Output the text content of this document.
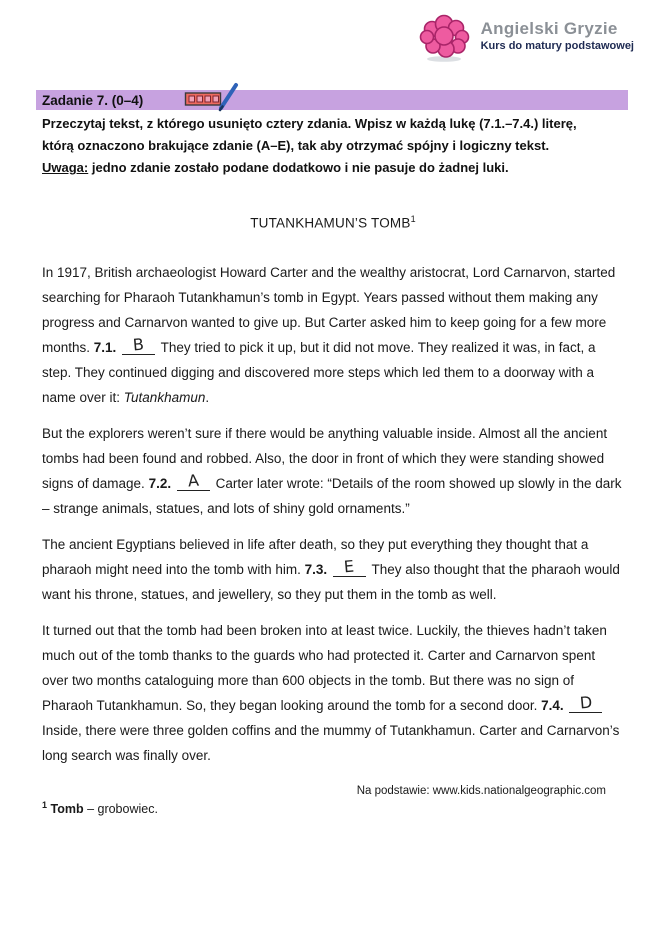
Angielski Gryzie
Kurs do matury podstawowej
Zadanie 7. (0–4)
Przeczytaj tekst, z którego usunięto cztery zdania. Wpisz w każdą lukę (7.1.–7.4.) literę,
którą oznaczono brakujące zdanie (A–E), tak aby otrzymać spójny i logiczny tekst.
Uwaga: jedno zdanie zostało podane dodatkowo i nie pasuje do żadnej luki.
TUTANKHAMUN’S TOMB$^1$

In 1917, British archaeologist Howard Carter and the wealthy aristocrat, Lord Carnarvon, started searching for Pharaoh Tutankhamun’s tomb in Egypt. Years passed without them making any progress and Carnarvon wanted to give up. But Carter asked him to keep going for a few more months. 7.1. B They tried to pick it up, but it did not move. They realized it was, in fact, a step. They continued digging and discovered more steps which led them to a doorway with a name over it: Tutankhamun.

But the explorers weren’t sure if there would be anything valuable inside. Almost all the ancient tombs had been found and robbed. Also, the door in front of which they were standing showed signs of damage. 7.2. A Carter later wrote: “Details of the room showed up slowly in the dark – strange animals, statues, and lots of shiny gold ornaments.”

The ancient Egyptians believed in life after death, so they put everything they thought that a pharaoh might need into the tomb with him. 7.3. E They also thought that the pharaoh would want his throne, statues, and jewellery, so they put them in the tomb as well.

It turned out that the tomb had been broken into at least twice. Luckily, the thieves hadn’t taken much out of the tomb thanks to the guards who had protected it. Carter and Carnarvon spent over two months cataloguing more than 600 objects in the tomb. But there was no sign of Pharaoh Tutankhamun. So, they began looking around the tomb for a second door. 7.4. D Inside, there were three golden coffins and the mummy of Tutankhamun. Carter and Carnarvon’s long search was finally over.

Na podstawie: www.kids.nationalgeographic.com
$^1$ Tomb – grobowiec.
